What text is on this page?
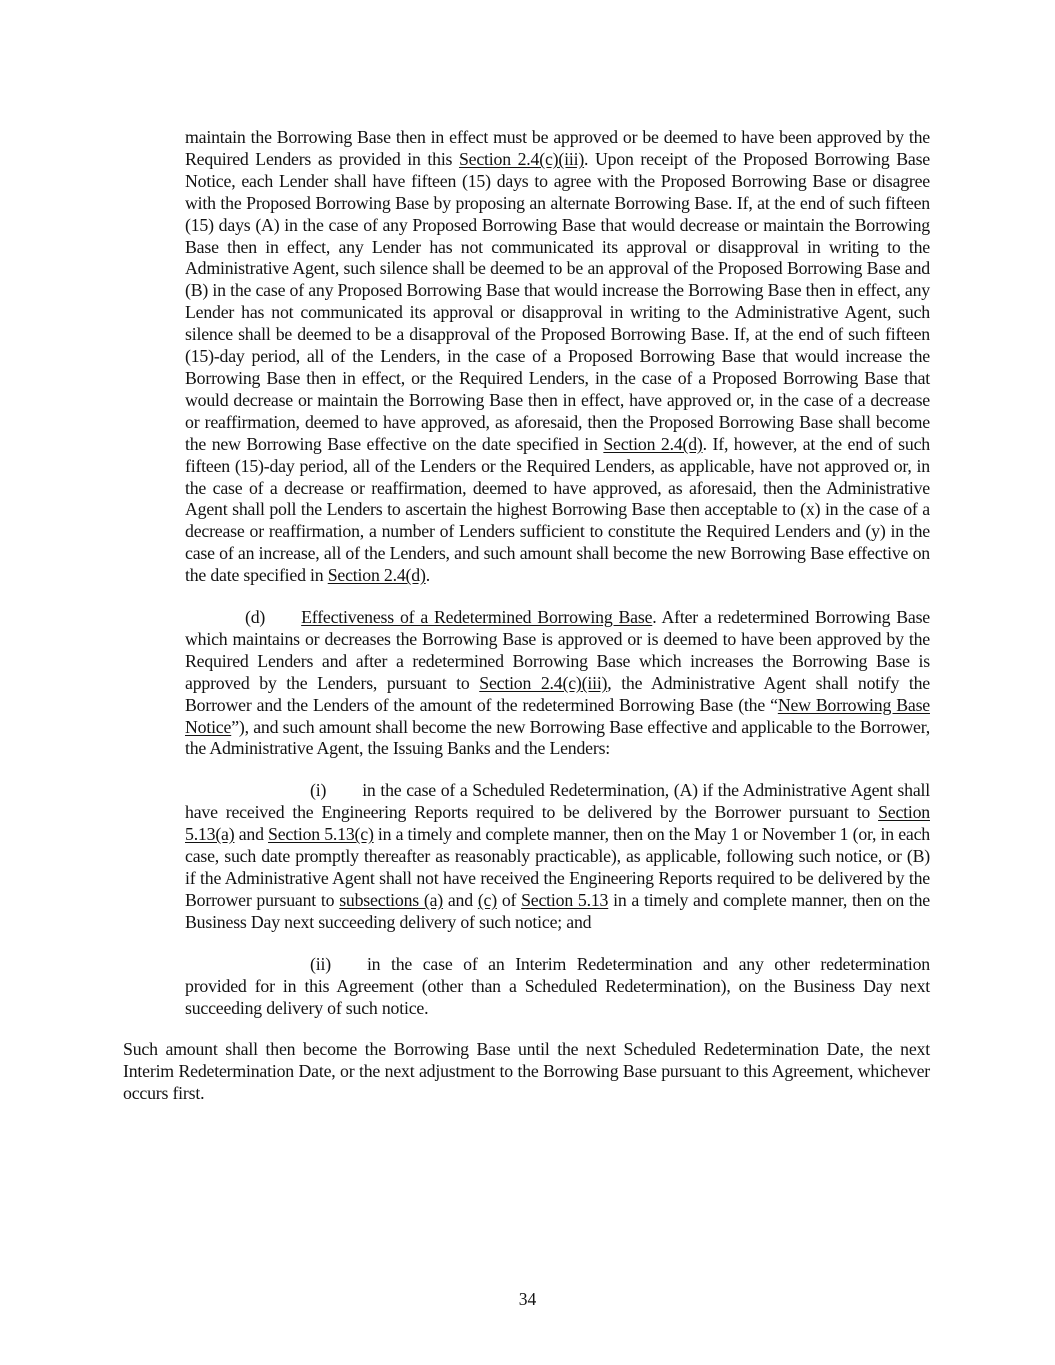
maintain the Borrowing Base then in effect must be approved or be deemed to have been approved by the Required Lenders as provided in this Section 2.4(c)(iii). Upon receipt of the Proposed Borrowing Base Notice, each Lender shall have fifteen (15) days to agree with the Proposed Borrowing Base or disagree with the Proposed Borrowing Base by proposing an alternate Borrowing Base. If, at the end of such fifteen (15) days (A) in the case of any Proposed Borrowing Base that would decrease or maintain the Borrowing Base then in effect, any Lender has not communicated its approval or disapproval in writing to the Administrative Agent, such silence shall be deemed to be an approval of the Proposed Borrowing Base and (B) in the case of any Proposed Borrowing Base that would increase the Borrowing Base then in effect, any Lender has not communicated its approval or disapproval in writing to the Administrative Agent, such silence shall be deemed to be a disapproval of the Proposed Borrowing Base. If, at the end of such fifteen (15)-day period, all of the Lenders, in the case of a Proposed Borrowing Base that would increase the Borrowing Base then in effect, or the Required Lenders, in the case of a Proposed Borrowing Base that would decrease or maintain the Borrowing Base then in effect, have approved or, in the case of a decrease or reaffirmation, deemed to have approved, as aforesaid, then the Proposed Borrowing Base shall become the new Borrowing Base effective on the date specified in Section 2.4(d). If, however, at the end of such fifteen (15)-day period, all of the Lenders or the Required Lenders, as applicable, have not approved or, in the case of a decrease or reaffirmation, deemed to have approved, as aforesaid, then the Administrative Agent shall poll the Lenders to ascertain the highest Borrowing Base then acceptable to (x) in the case of a decrease or reaffirmation, a number of Lenders sufficient to constitute the Required Lenders and (y) in the case of an increase, all of the Lenders, and such amount shall become the new Borrowing Base effective on the date specified in Section 2.4(d).

(d) Effectiveness of a Redetermined Borrowing Base. After a redetermined Borrowing Base which maintains or decreases the Borrowing Base is approved or is deemed to have been approved by the Required Lenders and after a redetermined Borrowing Base which increases the Borrowing Base is approved by the Lenders, pursuant to Section 2.4(c)(iii), the Administrative Agent shall notify the Borrower and the Lenders of the amount of the redetermined Borrowing Base (the “New Borrowing Base Notice”), and such amount shall become the new Borrowing Base effective and applicable to the Borrower, the Administrative Agent, the Issuing Banks and the Lenders:

(i) in the case of a Scheduled Redetermination, (A) if the Administrative Agent shall have received the Engineering Reports required to be delivered by the Borrower pursuant to Section 5.13(a) and Section 5.13(c) in a timely and complete manner, then on the May 1 or November 1 (or, in each case, such date promptly thereafter as reasonably practicable), as applicable, following such notice, or (B) if the Administrative Agent shall not have received the Engineering Reports required to be delivered by the Borrower pursuant to subsections (a) and (c) of Section 5.13 in a timely and complete manner, then on the Business Day next succeeding delivery of such notice; and

(ii) in the case of an Interim Redetermination and any other redetermination provided for in this Agreement (other than a Scheduled Redetermination), on the Business Day next succeeding delivery of such notice.

Such amount shall then become the Borrowing Base until the next Scheduled Redetermination Date, the next Interim Redetermination Date, or the next adjustment to the Borrowing Base pursuant to this Agreement, whichever occurs first.

34
